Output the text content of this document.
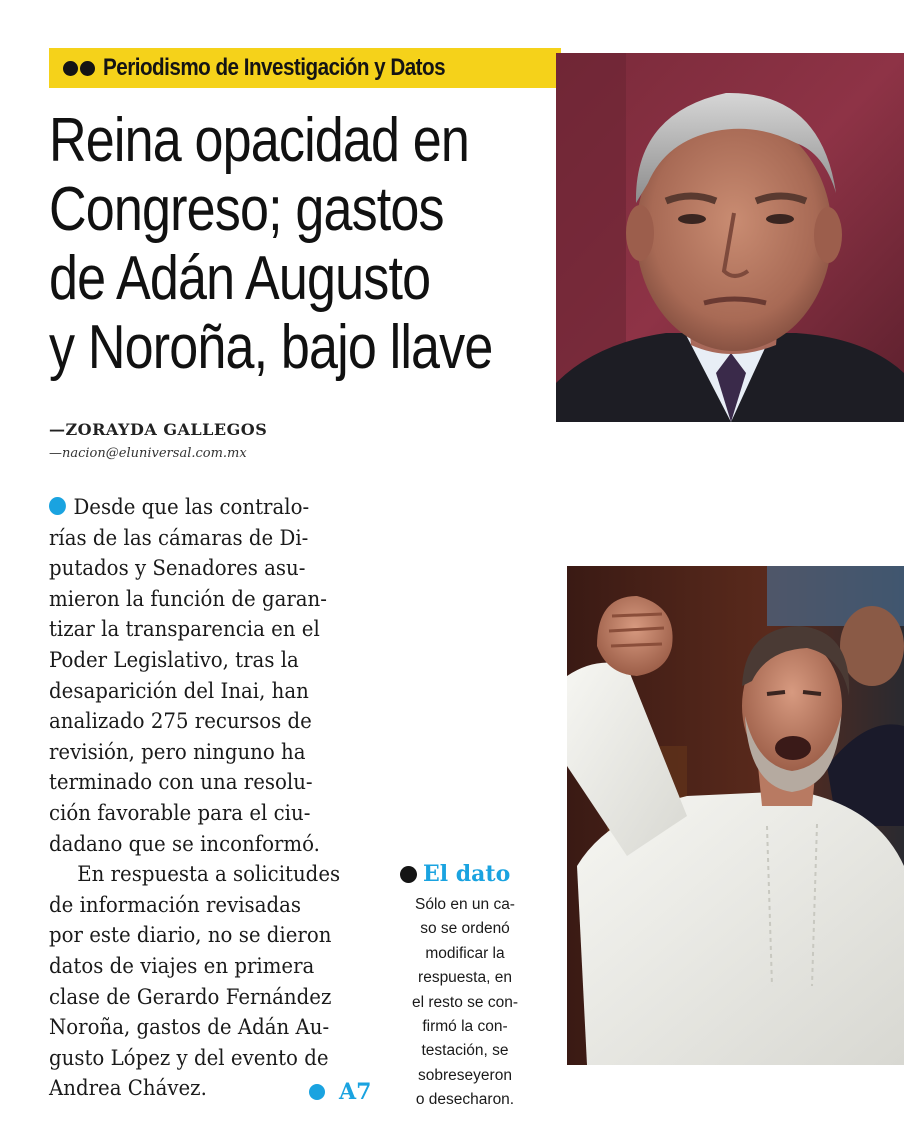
Periodismo de Investigación y Datos
Reina opacidad en
Congreso; gastos
de Adán Augusto
y Noroña, bajo llave
—ZORAYDA GALLEGOS
—nacion@eluniversal.com.mx
Desde que las contralo-
rías de las cámaras de Di-
putados y Senadores asu-
mieron la función de garan-
tizar la transparencia en el
Poder Legislativo, tras la
desaparición del Inai, han
analizado 275 recursos de
revisión, pero ninguno ha
terminado con una resolu-
ción favorable para el ciu-
dadano que se inconformó.
En respuesta a solicitudes
de información revisadas
por este diario, no se dieron
datos de viajes en primera
clase de Gerardo Fernández
Noroña, gastos de Adán Au-
gusto López y del evento de
Andrea Chávez.	A7
El dato
Sólo en un ca-
so se ordenó
modificar la
respuesta, en
el resto se con-
firmó la con-
testación, se
sobreseyeron
o desecharon.
